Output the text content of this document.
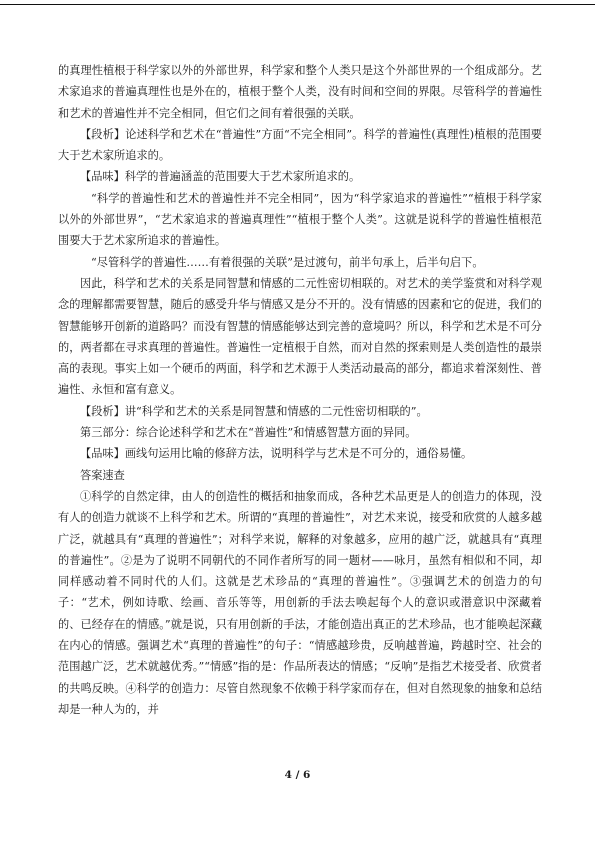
的真理性植根于科学家以外的外部世界，科学家和整个人类只是这个外部世界的一个组成部分。艺术家追求的普遍真理性也是外在的，植根于整个人类，没有时间和空间的界限。尽管科学的普遍性和艺术的普遍性并不完全相同，但它们之间有着很强的关联。

【段析】论述科学和艺术在“普遍性”方面“不完全相同”。科学的普遍性(真理性)植根的范围要大于艺术家所追求的。

【品味】科学的普遍涵盖的范围要大于艺术家所追求的。

“科学的普遍性和艺术的普遍性并不完全相同”，因为“科学家追求的普遍性”“植根于科学家以外的外部世界”，“艺术家追求的普遍真理性”“植根于整个人类”。这就是说科学的普遍性植根范围要大于艺术家所追求的普遍性。

“尽管科学的普遍性……有着很强的关联”是过渡句，前半句承上，后半句启下。

因此，科学和艺术的关系是同智慧和情感的二元性密切相联的。对艺术的美学鉴赏和对科学观念的理解都需要智慧，随后的感受升华与情感又是分不开的。没有情感的因素和它的促进，我们的智慧能够开创新的道路吗？而没有智慧的情感能够达到完善的意境吗？所以，科学和艺术是不可分的，两者都在寻求真理的普遍性。普遍性一定植根于自然，而对自然的探索则是人类创造性的最崇高的表现。事实上如一个硬币的两面，科学和艺术源于人类活动最高的部分，都追求着深刻性、普遍性、永恒和富有意义。

【段析】讲“科学和艺术的关系是同智慧和情感的二元性密切相联的”。

第三部分：综合论述科学和艺术在“普遍性”和情感智慧方面的异同。

【品味】画线句运用比喻的修辞方法，说明科学与艺术是不可分的，通俗易懂。

答案速查

①科学的自然定律，由人的创造性的概括和抽象而成，各种艺术品更是人的创造力的体现，没有人的创造力就谈不上科学和艺术。所谓的“真理的普遍性”，对艺术来说，接受和欣赏的人越多越广泛，就越具有“真理的普遍性”；对科学来说，解释的对象越多，应用的越广泛，就越具有“真理的普遍性”。②是为了说明不同朝代的不同作者所写的同一题材——咏月，虽然有相似和不同，却同样感动着不同时代的人们。这就是艺术珍品的“真理的普遍性”。③强调艺术的创造力的句子：“艺术，例如诗歌、绘画、音乐等等，用创新的手法去唤起每个人的意识或潜意识中深藏着的、已经存在的情感。”就是说，只有用创新的手法，才能创造出真正的艺术珍品，也才能唤起深藏在内心的情感。强调艺术“真理的普遍性”的句子：“情感越珍贵，反响越普遍，跨越时空、社会的范围越广泛，艺术就越优秀。”“情感”指的是：作品所表达的情感；“反响”是指艺术接受者、欣赏者的共鸣反映。④科学的创造力：尽管自然现象不依赖于科学家而存在，但对自然现象的抽象和总结却是一种人为的，并

4 / 6
